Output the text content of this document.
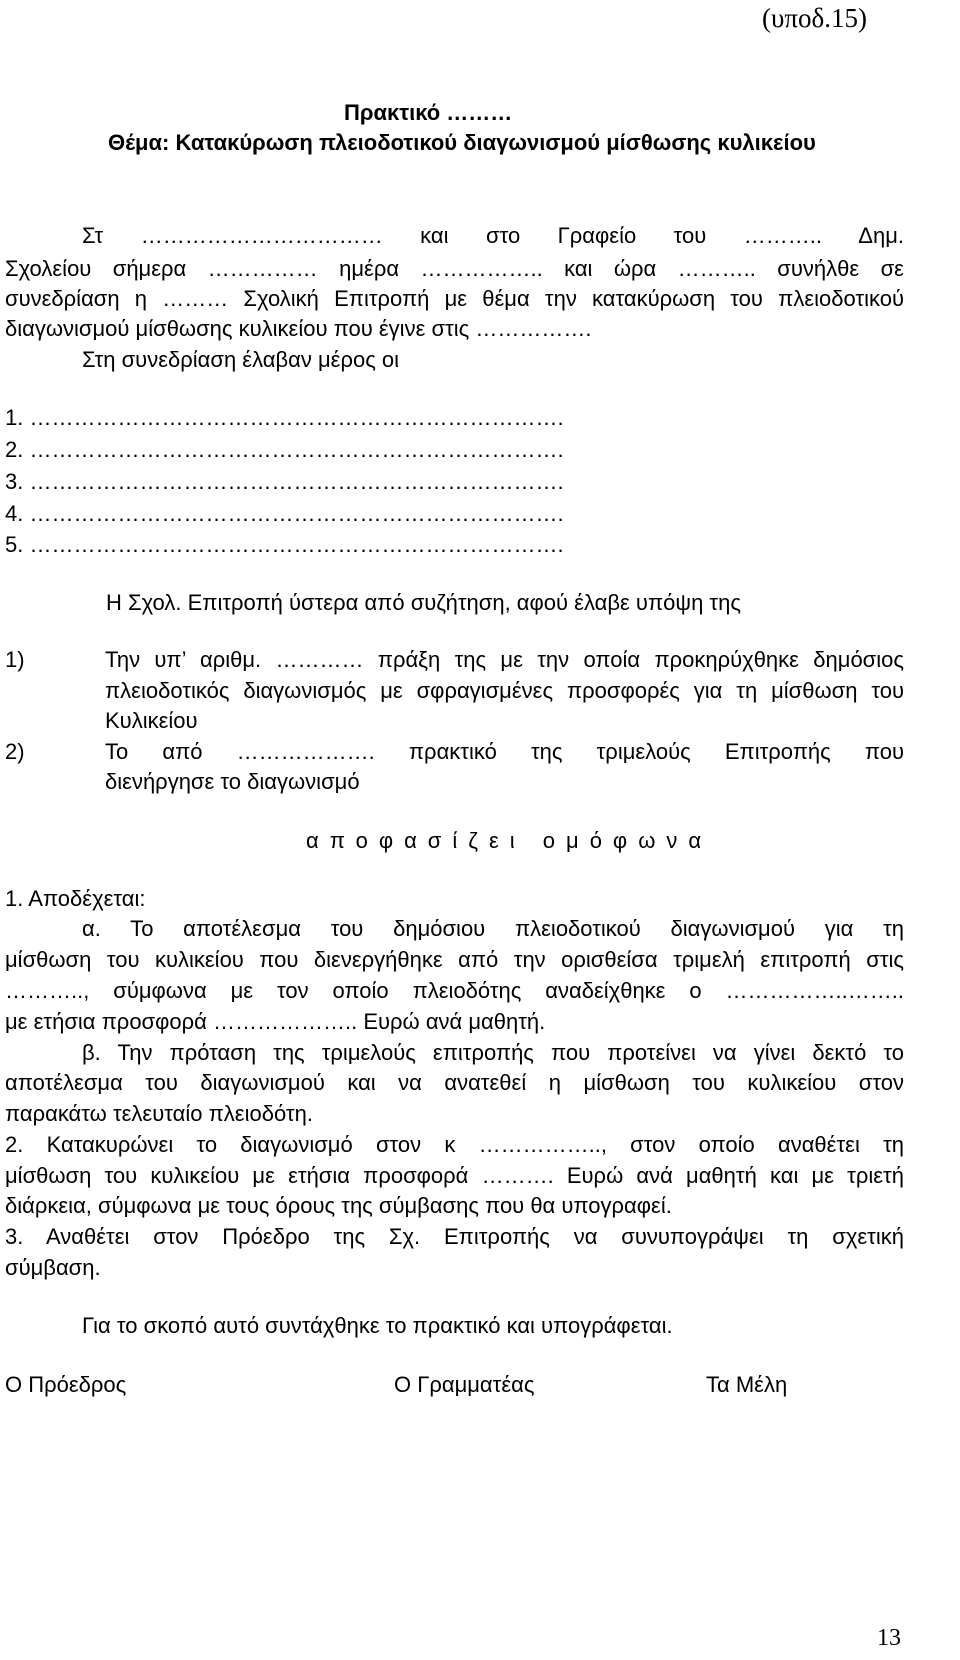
(υποδ.15)
Πρακτικό ………
Θέμα: Κατακύρωση πλειοδοτικού διαγωνισμού μίσθωσης κυλικείου
Στ …………………………… και στο Γραφείο του ……….. Δημ.
Σχολείου σήμερα …………… ημέρα …………….. και ώρα ……….. συνήλθε σε
συνεδρίαση η ……… Σχολική Επιτροπή με θέμα την κατακύρωση του πλειοδοτικού
διαγωνισμού μίσθωσης κυλικείου που έγινε στις …………….
Στη συνεδρίαση έλαβαν μέρος οι
1. ……………………………………………………………….
2. ……………………………………………………………….
3. ……………………………………………………………….
4. ……………………………………………………………….
5. ……………………………………………………………….
Η Σχολ. Επιτροπή ύστερα από συζήτηση, αφού έλαβε υπόψη της
1)	Την υπ’ αριθμ. ………… πράξη της με την οποία προκηρύχθηκε δημόσιος
πλειοδοτικός διαγωνισμός με σφραγισμένες προσφορές για τη μίσθωση του
Κυλικείου
2)	Το από ………………. πρακτικό της τριμελούς Επιτροπής που
διενήργησε το διαγωνισμό
αποφασίζει ομόφωνα
1. Αποδέχεται:
α. Το αποτέλεσμα του δημόσιου πλειοδοτικού διαγωνισμού για τη
μίσθωση του κυλικείου που διενεργήθηκε από την ορισθείσα τριμελή επιτροπή στις
……….., σύμφωνα με τον οποίο πλειοδότης αναδείχθηκε ο ……………..……..
με ετήσια προσφορά ……………….. Ευρώ ανά μαθητή.
β. Την πρόταση της τριμελούς επιτροπής που προτείνει να γίνει δεκτό το
αποτέλεσμα του διαγωνισμού και να ανατεθεί η μίσθωση του κυλικείου στον
παρακάτω τελευταίο πλειοδότη.
2. Κατακυρώνει το διαγωνισμό στον κ …………….., στον οποίο αναθέτει τη
μίσθωση του κυλικείου με ετήσια προσφορά ………. Ευρώ ανά μαθητή και με τριετή
διάρκεια, σύμφωνα με τους όρους της σύμβασης που θα υπογραφεί.
3. Αναθέτει στον Πρόεδρο της Σχ. Επιτροπής να συνυπογράψει τη σχετική
σύμβαση.
Για το σκοπό αυτό συντάχθηκε το πρακτικό και υπογράφεται.
Ο Πρόεδρος	Ο Γραμματέας	Τα Μέλη
13
